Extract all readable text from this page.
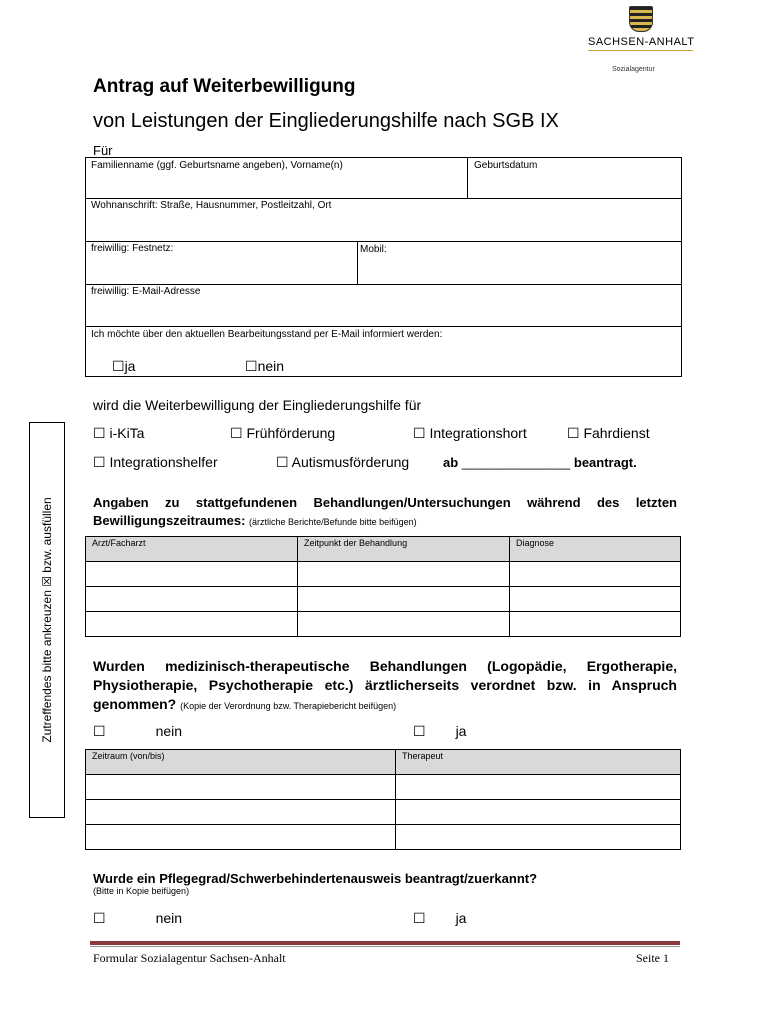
SACHSEN-ANHALT
Sozialagentur
Antrag auf Weiterbewilligung
von Leistungen der Eingliederungshilfe nach SGB IX
Für
Familienname (ggf. Geburtsname angeben), Vorname(n)	Geburtsdatum
Wohnanschrift: Straße, Hausnummer, Postleitzahl, Ort
freiwillig: Festnetz:	Mobil:
freiwillig: E-Mail-Adresse
Ich möchte über den aktuellen Bearbeitungsstand per E-Mail informiert werden:
☐ja	☐nein
wird die Weiterbewilligung der Eingliederungshilfe für
☐ i-KiTa	☐ Frühförderung	☐ Integrationshort	☐ Fahrdienst
☐ Integrationshelfer	☐ Autismusförderung	ab _______________ beantragt.
Zutreffendes bitte ankreuzen ☒ bzw. ausfüllen	Angaben zu stattgefundenen Behandlungen/Untersuchungen während des letzten Bewilligungszeitraumes: (ärztliche Berichte/Befunde bitte beifügen)
Arzt/Facharzt	Zeitpunkt der Behandlung	Diagnose

Wurden medizinisch-therapeutische Behandlungen (Logopädie, Ergotherapie, Physiotherapie, Psychotherapie etc.) ärztlicherseits verordnet bzw. in Anspruch genommen? (Kopie der Verordnung bzw. Therapiebericht beifügen)
☐	nein	☐ ja
Zeitraum (von/bis)	Therapeut

Wurde ein Pflegegrad/Schwerbehindertenausweis beantragt/zuerkannt?
(Bitte in Kopie beifügen)
☐	nein	☐ ja
Formular Sozialagentur Sachsen-Anhalt	Seite 1
